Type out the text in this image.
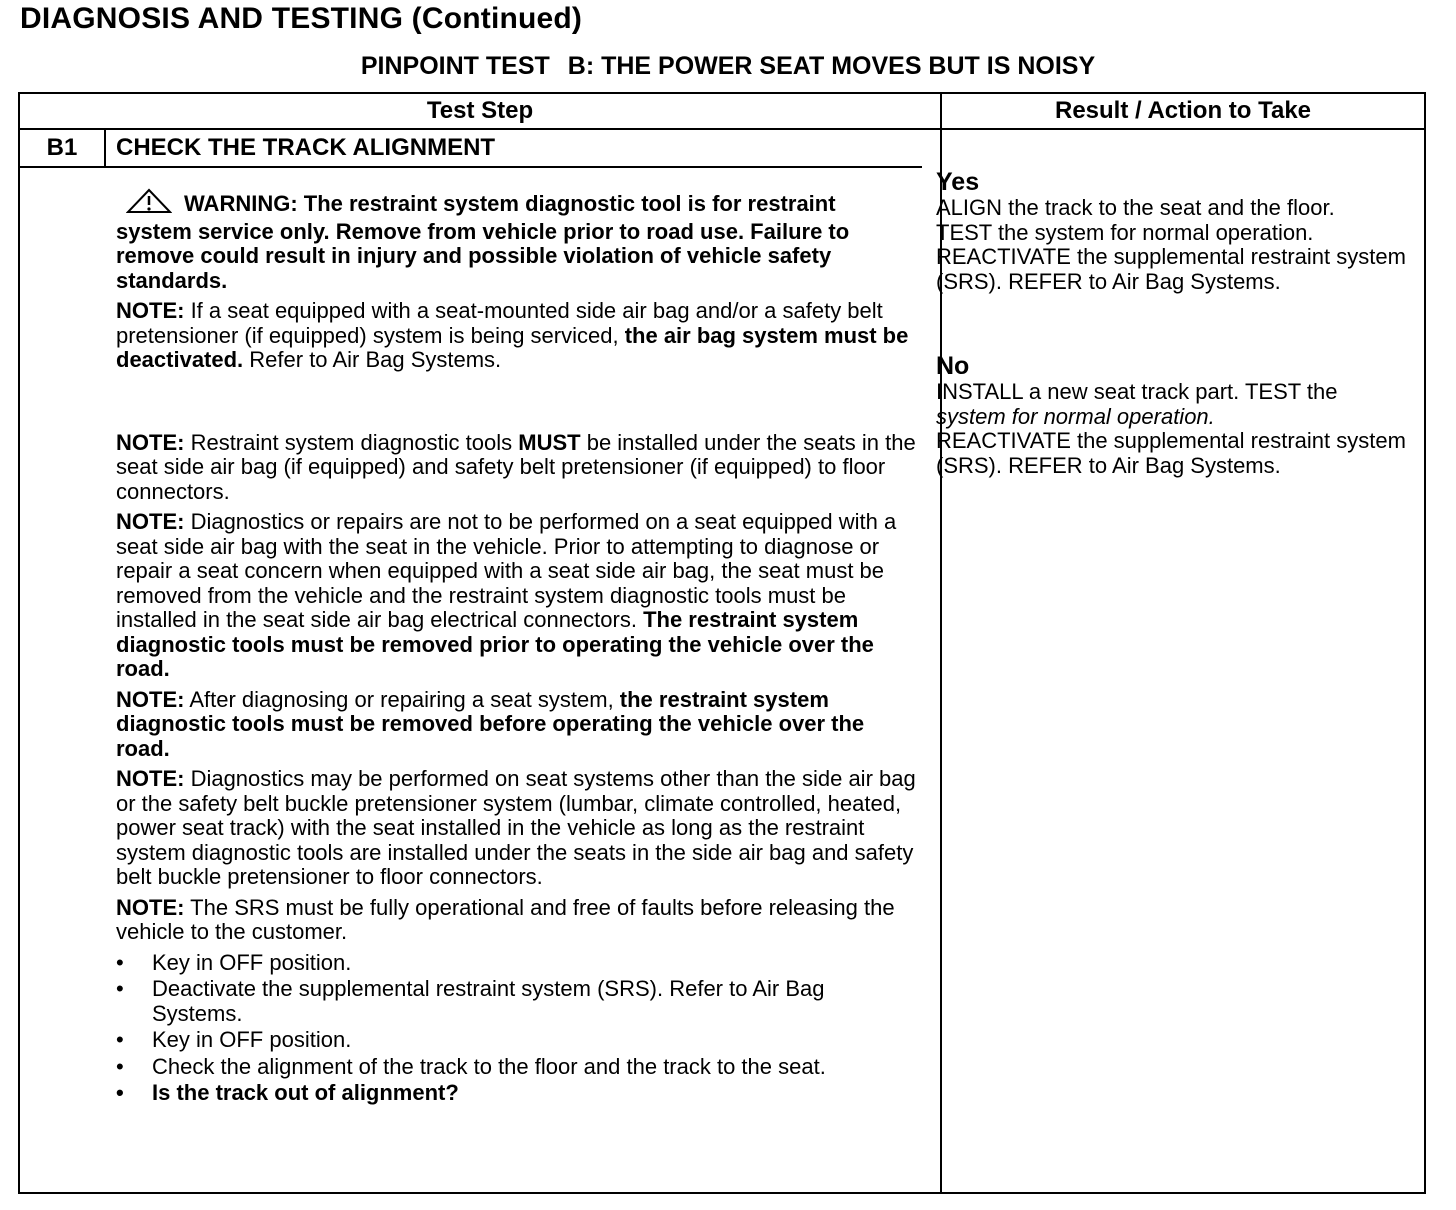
DIAGNOSIS AND TESTING (Continued)
PINPOINT TEST B: THE POWER SEAT MOVES BUT IS NOISY
Test Step	Result / Action to Take
B1	CHECK THE TRACK ALIGNMENT
WARNING: The restraint system diagnostic tool is for restraint system service only. Remove from vehicle prior to road use. Failure to remove could result in injury and possible violation of vehicle safety standards.
NOTE: If a seat equipped with a seat-mounted side air bag and/or a safety belt pretensioner (if equipped) system is being serviced, the air bag system must be deactivated. Refer to Air Bag Systems.
NOTE: Restraint system diagnostic tools MUST be installed under the seats in the seat side air bag (if equipped) and safety belt pretensioner (if equipped) to floor connectors.
NOTE: Diagnostics or repairs are not to be performed on a seat equipped with a seat side air bag with the seat in the vehicle. Prior to attempting to diagnose or repair a seat concern when equipped with a seat side air bag, the seat must be removed from the vehicle and the restraint system diagnostic tools must be installed in the seat side air bag electrical connectors. The restraint system diagnostic tools must be removed prior to operating the vehicle over the road.
NOTE: After diagnosing or repairing a seat system, the restraint system diagnostic tools must be removed before operating the vehicle over the road.
NOTE: Diagnostics may be performed on seat systems other than the side air bag or the safety belt buckle pretensioner system (lumbar, climate controlled, heated, power seat track) with the seat installed in the vehicle as long as the restraint system diagnostic tools are installed under the seats in the side air bag and safety belt buckle pretensioner to floor connectors.
NOTE: The SRS must be fully operational and free of faults before releasing the vehicle to the customer.
• Key in OFF position.
• Deactivate the supplemental restraint system (SRS). Refer to Air Bag Systems.
• Key in OFF position.
• Check the alignment of the track to the floor and the track to the seat.
• Is the track out of alignment?
Yes
ALIGN the track to the seat and the floor.
TEST the system for normal operation.
REACTIVATE the supplemental restraint system (SRS). REFER to Air Bag Systems.
No
INSTALL a new seat track part. TEST the
system for normal operation.
REACTIVATE the supplemental restraint system (SRS). REFER to Air Bag Systems.
